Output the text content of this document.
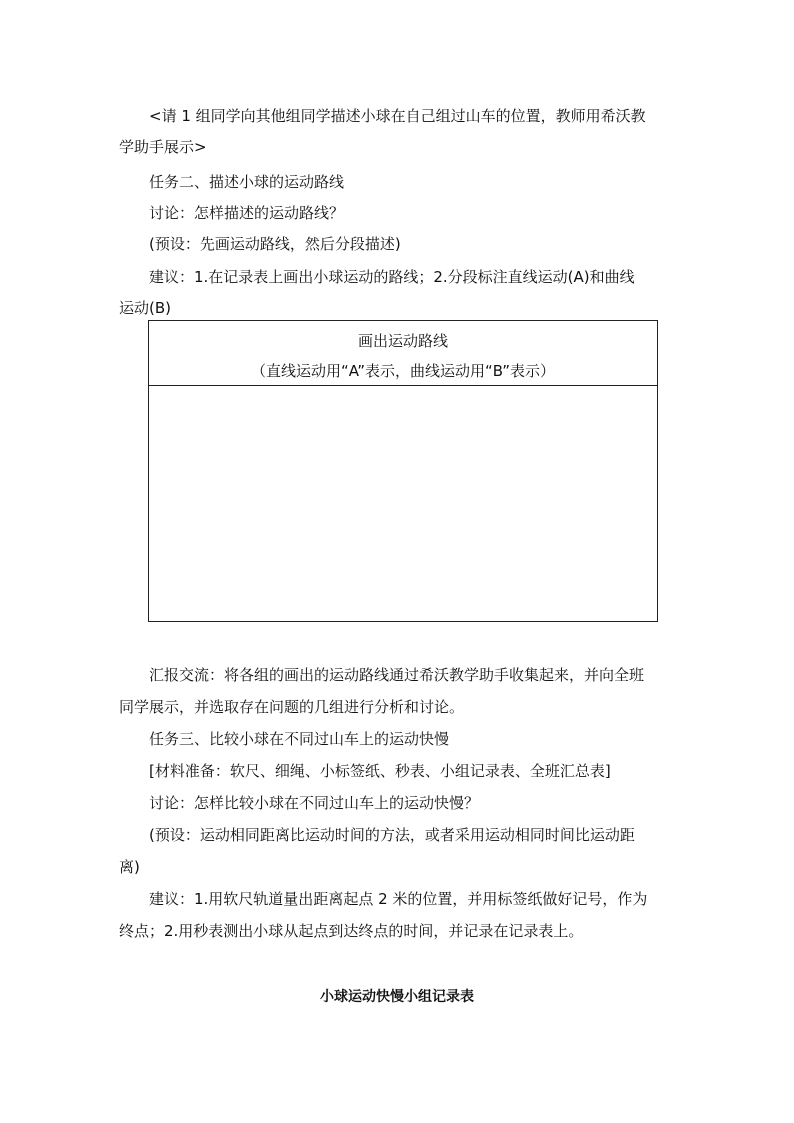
<请 1 组同学向其他组同学描述小球在自己组过山车的位置，教师用希沃教
学助手展示>
任务二、描述小球的运动路线
讨论：怎样描述的运动路线？
(预设：先画运动路线，然后分段描述)
建议：1.在记录表上画出小球运动的路线；2.分段标注直线运动(A)和曲线
运动(B)
画出运动路线
（直线运动用“A”表示，曲线运动用“B”表示）
汇报交流：将各组的画出的运动路线通过希沃教学助手收集起来，并向全班
同学展示，并选取存在问题的几组进行分析和讨论。
任务三、比较小球在不同过山车上的运动快慢
[材料准备：软尺、细绳、小标签纸、秒表、小组记录表、全班汇总表]
讨论：怎样比较小球在不同过山车上的运动快慢？
(预设：运动相同距离比运动时间的方法，或者采用运动相同时间比运动距
离)
建议：1.用软尺轨道量出距离起点 2 米的位置，并用标签纸做好记号，作为
终点；2.用秒表测出小球从起点到达终点的时间，并记录在记录表上。
小球运动快慢小组记录表
